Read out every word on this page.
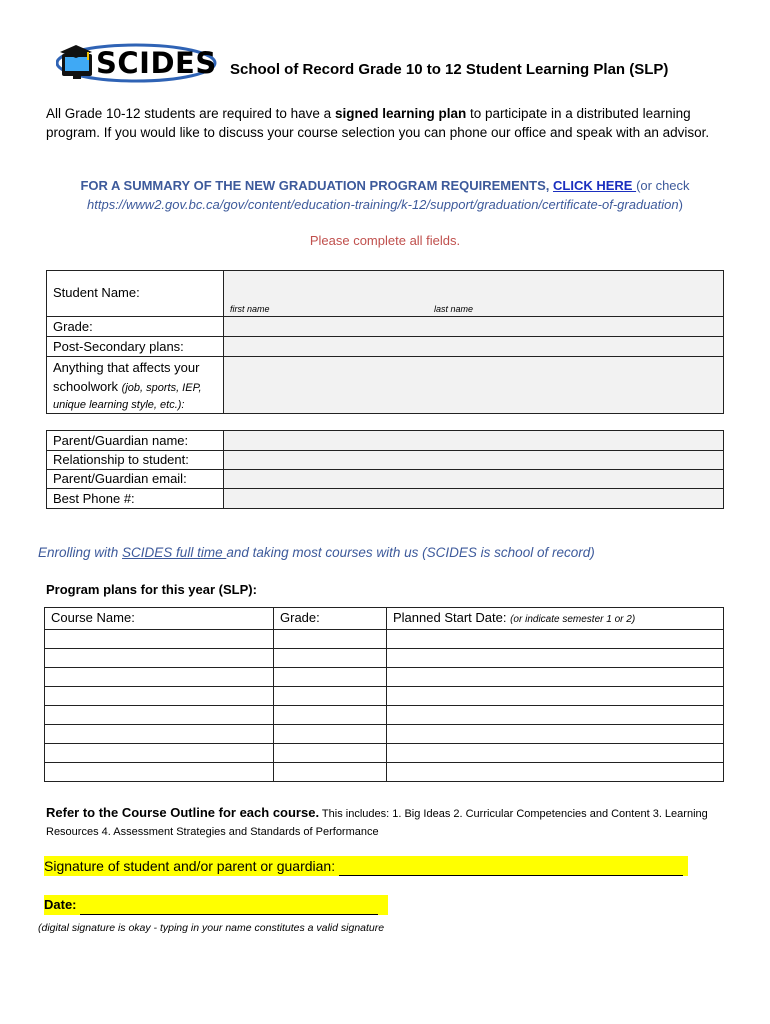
SCIDES School of Record Grade 10 to 12 Student Learning Plan (SLP)
All Grade 10-12 students are required to have a signed learning plan to participate in a distributed learning program. If you would like to discuss your course selection you can phone our office and speak with an advisor.
FOR A SUMMARY OF THE NEW GRADUATION PROGRAM REQUIREMENTS, CLICK HERE (or check
https://www2.gov.bc.ca/gov/content/education-training/k-12/support/graduation/certificate-of-graduation)
Please complete all fields.
Student Name:	first name last name

Grade:	
Post-Secondary plans:	

Anything that affects your
schoolwork (job, sports, IEP,
unique learning style, etc.):	

Parent/Guardian name:	
Relationship to student:	
Parent/Guardian email:	
Best Phone #:	
Enrolling with SCIDES full time and taking most courses with us (SCIDES is school of record)
Program plans for this year (SLP):
Course Name:	Grade:	Planned Start Date: (or indicate semester 1 or 2)

Refer to the Course Outline for each course. This includes: 1. Big Ideas 2. Curricular Competencies and Content 3. Learning Resources 4. Assessment Strategies and Standards of Performance
Signature of student and/or parent or guardian:
Date:
(digital signature is okay - typing in your name constitutes a valid signature
